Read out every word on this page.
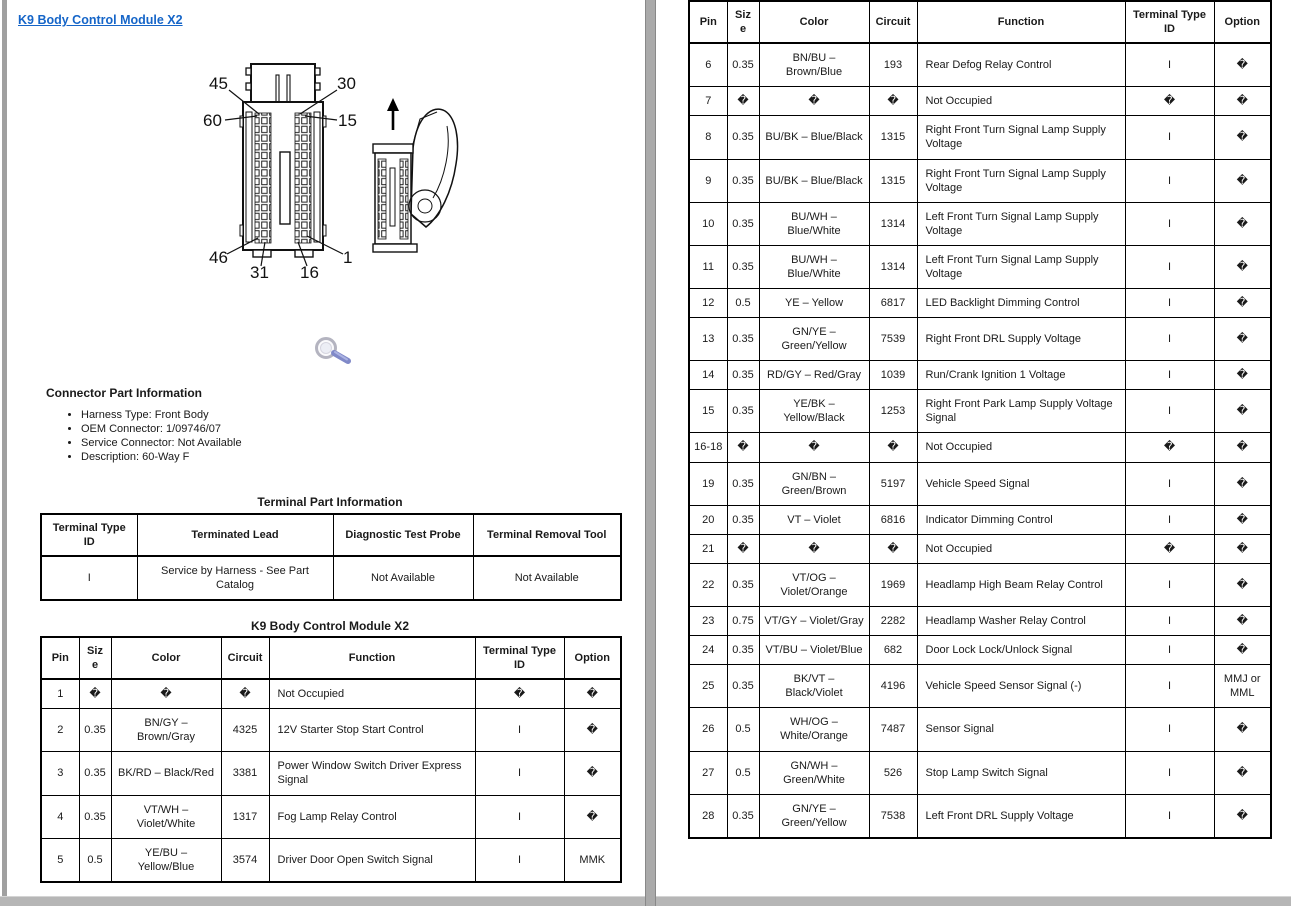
K9 Body Control Module X2
45	30
60	15
46
31 16
1
Connector Part Information
• Harness Type: Front Body
• OEM Connector: 1/09746/07
• Service Connector: Not Available
• Description: 60-Way F
Terminal Part Information
Terminal Type ID	Terminated Lead	Diagnostic Test Probe	Terminal Removal Tool
I	Service by Harness - See Part Catalog	Not Available	Not Available
K9 Body Control Module X2
Pin	Size	Color	Circuit	Function	Terminal Type ID	Option
1	�	�	�	Not Occupied	�	�
2	0.35	BN/GY – Brown/Gray	4325	12V Starter Stop Start Control	I	�
3	0.35	BK/RD – Black/Red	3381	Power Window Switch Driver Express Signal	I	�
4	0.35	VT/WH – Violet/White	1317	Fog Lamp Relay Control	I	�
5	0.5	YE/BU – Yellow/Blue	3574	Driver Door Open Switch Signal	I	MMK
Pin	Size	Color	Circuit	Function	Terminal Type ID	Option
6	0.35	BN/BU – Brown/Blue	193	Rear Defog Relay Control	I	�
7	�	�	�	Not Occupied	�	�
8	0.35	BU/BK – Blue/Black	1315	Right Front Turn Signal Lamp Supply Voltage	I	�
9	0.35	BU/BK – Blue/Black	1315	Right Front Turn Signal Lamp Supply Voltage	I	�
10	0.35	BU/WH – Blue/White	1314	Left Front Turn Signal Lamp Supply Voltage	I	�
11	0.35	BU/WH – Blue/White	1314	Left Front Turn Signal Lamp Supply Voltage	I	�
12	0.5	YE – Yellow	6817	LED Backlight Dimming Control	I	�
13	0.35	GN/YE – Green/Yellow	7539	Right Front DRL Supply Voltage	I	�
14	0.35	RD/GY – Red/Gray	1039	Run/Crank Ignition 1 Voltage	I	�
15	0.35	YE/BK – Yellow/Black	1253	Right Front Park Lamp Supply Voltage Signal	I	�
16-18	�	�	�	Not Occupied	�	�
19	0.35	GN/BN – Green/Brown	5197	Vehicle Speed Signal	I	�
20	0.35	VT – Violet	6816	Indicator Dimming Control	I	�
21	�	�	�	Not Occupied	�	�
22	0.35	VT/OG – Violet/Orange	1969	Headlamp High Beam Relay Control	I	�
23	0.75	VT/GY – Violet/Gray	2282	Headlamp Washer Relay Control	I	�
24	0.35	VT/BU – Violet/Blue	682	Door Lock Lock/Unlock Signal	I	�
25	0.35	BK/VT – Black/Violet	4196	Vehicle Speed Sensor Signal (-)	I	MMJ or MML
26	0.5	WH/OG – White/Orange	7487	Sensor Signal	I	�
27	0.5	GN/WH – Green/White	526	Stop Lamp Switch Signal	I	�
28	0.35	GN/YE – Green/Yellow	7538	Left Front DRL Supply Voltage	I	�
